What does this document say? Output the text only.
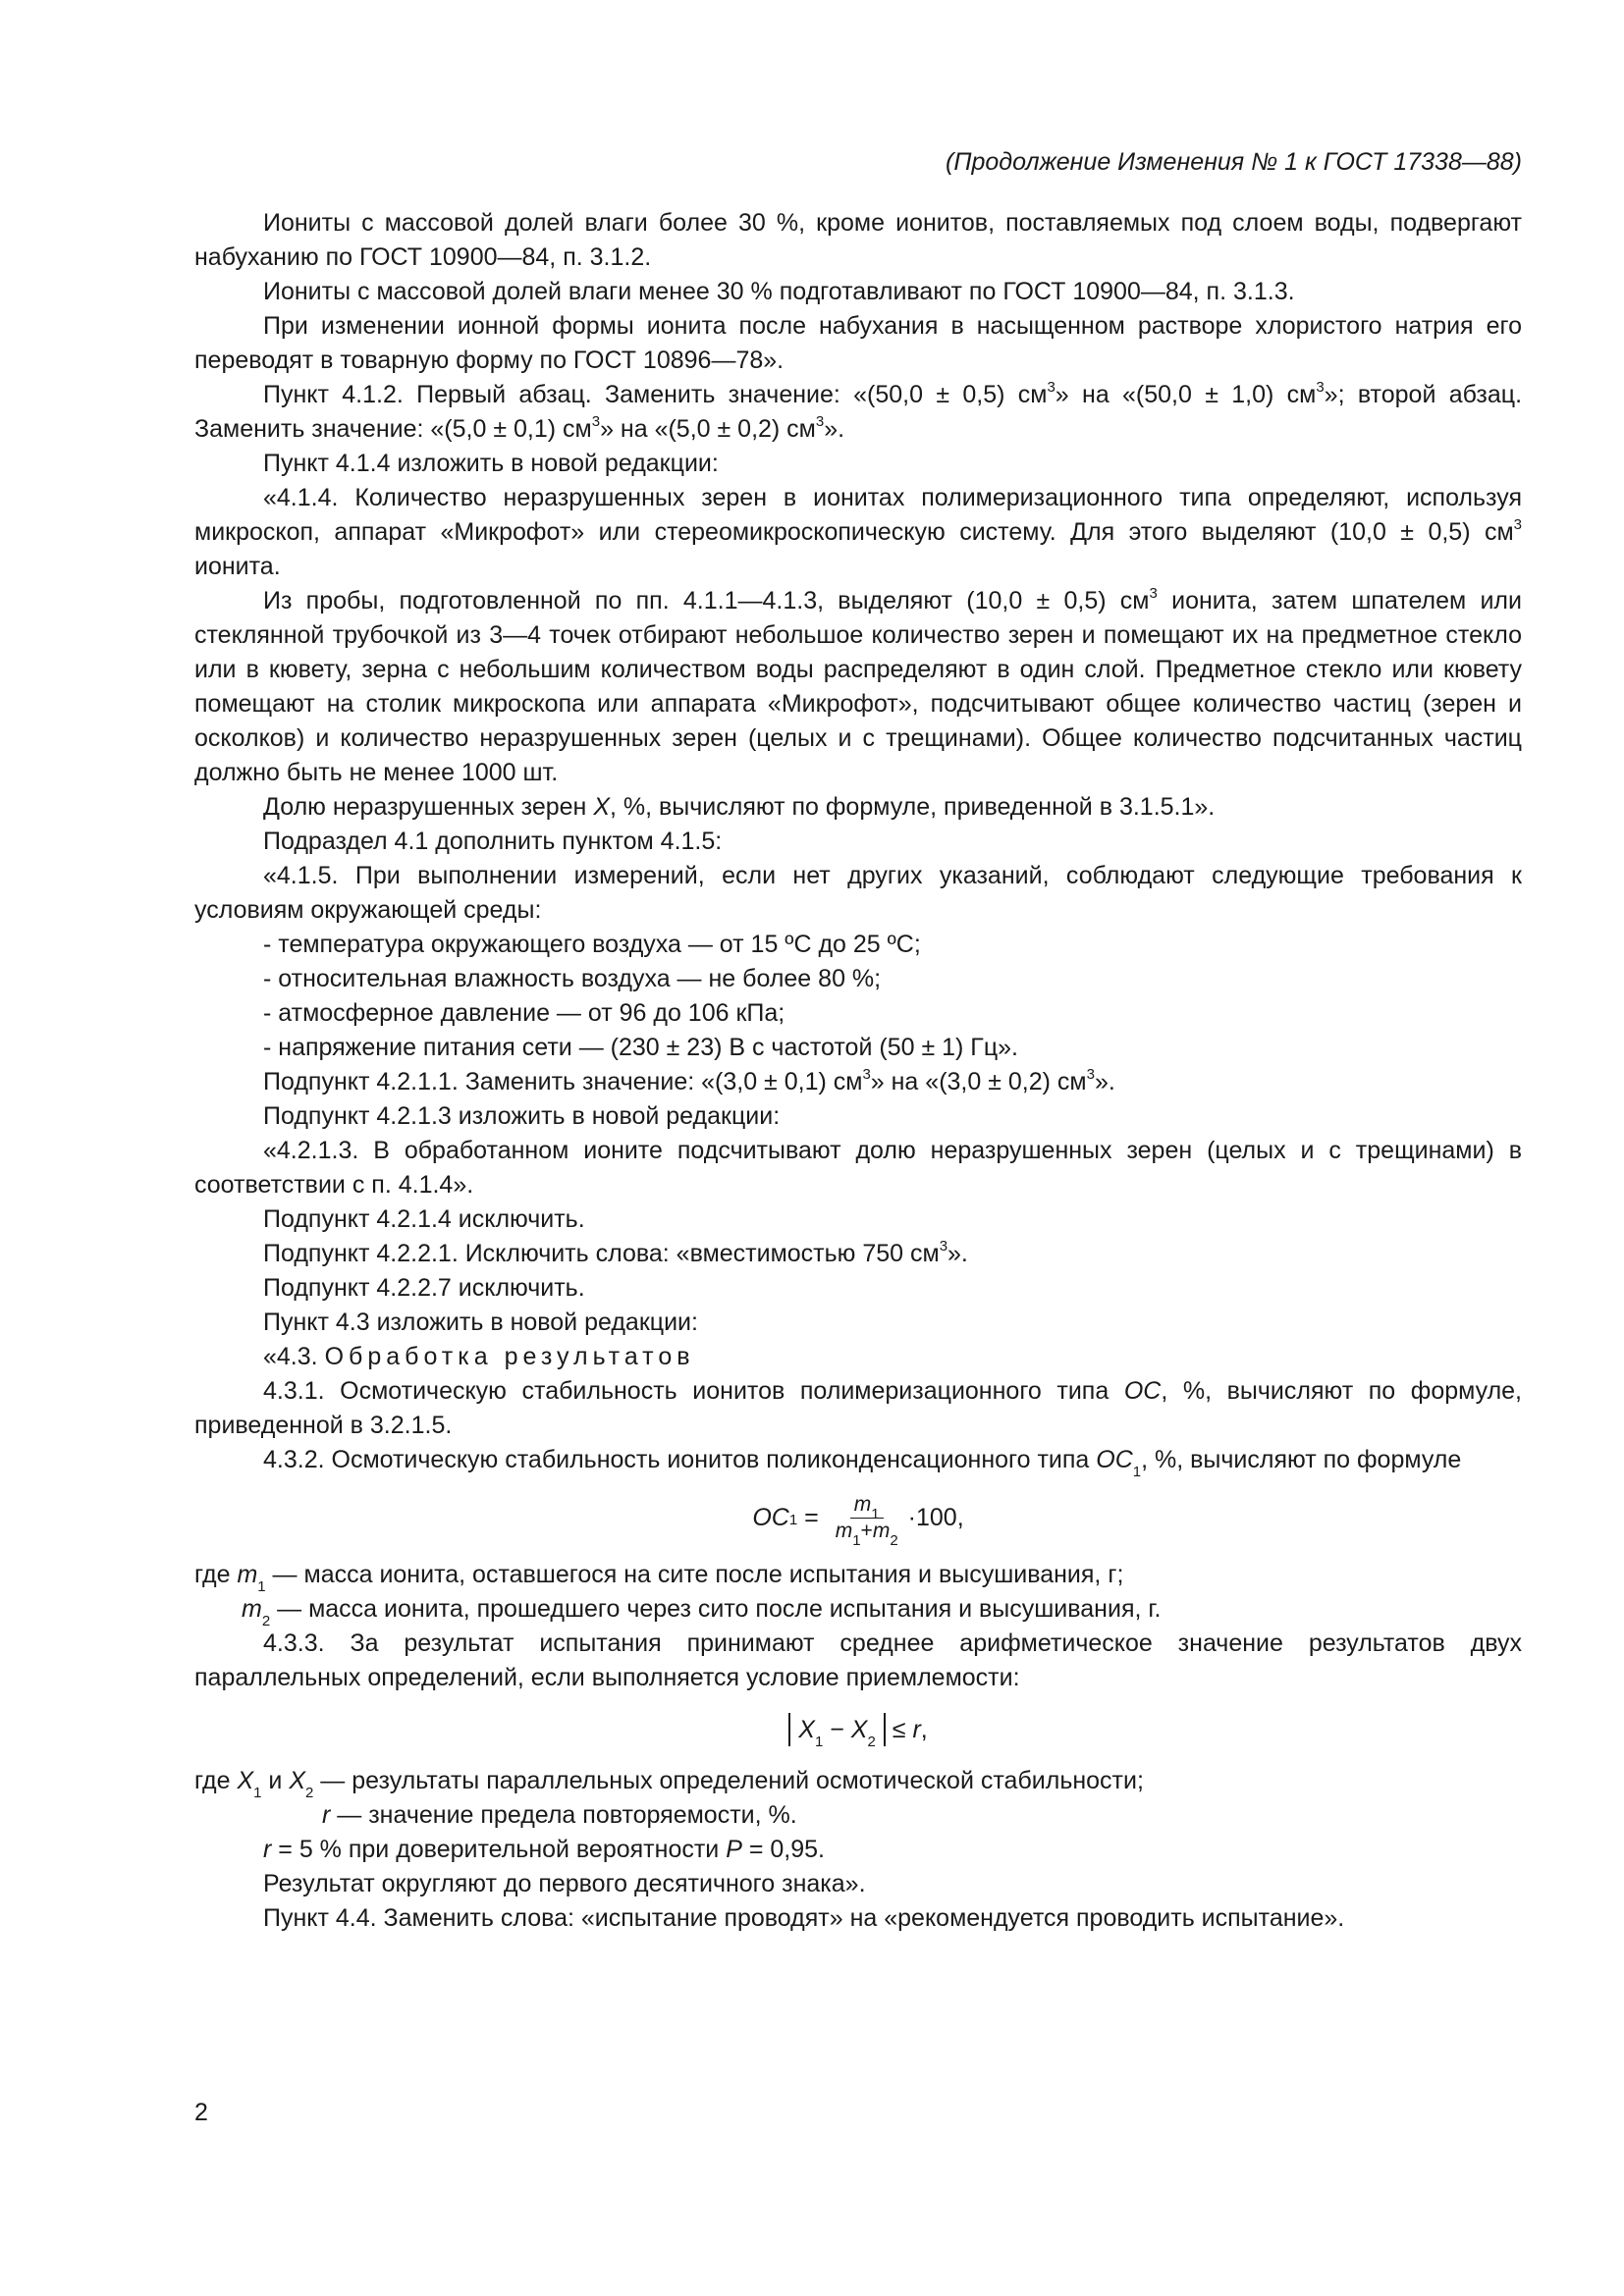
(Продолжение Изменения № 1 к ГОСТ 17338—88)

Иониты с массовой долей влаги более 30 %, кроме ионитов, поставляемых под слоем воды, подвергают набуханию по ГОСТ 10900—84, п. 3.1.2.

Иониты с массовой долей влаги менее 30 % подготавливают по ГОСТ 10900—84, п. 3.1.3.

При изменении ионной формы ионита после набухания в насыщенном растворе хлористого натрия его переводят в товарную форму по ГОСТ 10896—78».

Пункт 4.1.2. Первый абзац. Заменить значение: «(50,0 ± 0,5) $см^3$» на «(50,0 ± 1,0) $см^3$»; второй абзац. Заменить значение: «(5,0 ± 0,1) $см^3$» на «(5,0 ± 0,2) $см^3$».

Пункт 4.1.4 изложить в новой редакции:

«4.1.4. Количество неразрушенных зерен в ионитах полимеризационного типа определяют, используя микроскоп, аппарат «Микрофот» или стереомикроскопическую систему. Для этого выделяют (10,0 ± 0,5) $см^3$ ионита.

Из пробы, подготовленной по пп. 4.1.1—4.1.3, выделяют (10,0 ± 0,5) $см^3$ ионита, затем шпателем или стеклянной трубочкой из 3—4 точек отбирают небольшое количество зерен и помещают их на предметное стекло или в кювету, зерна с небольшим количеством воды распределяют в один слой. Предметное стекло или кювету помещают на столик микроскопа или аппарата «Микрофот», подсчитывают общее количество частиц (зерен и осколков) и количество неразрушенных зерен (целых и с трещинами). Общее количество подсчитанных частиц должно быть не менее 1000 шт.

Долю неразрушенных зерен X, %, вычисляют по формуле, приведенной в 3.1.5.1».

Подраздел 4.1 дополнить пунктом 4.1.5:

«4.1.5. При выполнении измерений, если нет других указаний, соблюдают следующие требования к условиям окружающей среды:

- температура окружающего воздуха — от 15 ºС до 25 ºС;

- относительная влажность воздуха — не более 80 %;

- атмосферное давление — от 96 до 106 кПа;

- напряжение питания сети — (230 ± 23) В с частотой (50 ± 1) Гц».

Подпункт 4.2.1.1. Заменить значение: «(3,0 ± 0,1) $см^3$» на «(3,0 ± 0,2) $см^3$».

Подпункт 4.2.1.3 изложить в новой редакции:

«4.2.1.3. В обработанном ионите подсчитывают долю неразрушенных зерен (целых и с трещинами) в соответствии с п. 4.1.4».

Подпункт 4.2.1.4 исключить.

Подпункт 4.2.2.1. Исключить слова: «вместимостью 750 $см^3$».

Подпункт 4.2.2.7 исключить.

Пункт 4.3 изложить в новой редакции:

«4.3. Обработка результатов

4.3.1. Осмотическую стабильность ионитов полимеризационного типа ОС, %, вычисляют по формуле, приведенной в 3.2.1.5.

4.3.2. Осмотическую стабильность ионитов поликонденсационного типа $ОС_1$, %, вычисляют по формуле

$ОС_1 = \frac{m_1}{m_1+m_2} \cdot 100$,

где $m_1$ — масса ионита, оставшегося на сите после испытания и высушивания, г;

$m_2$ — масса ионита, прошедшего через сито после испытания и высушивания, г.

4.3.3. За результат испытания принимают среднее арифметическое значение результатов двух параллельных определений, если выполняется условие приемлемости:

$X_1 - X_2 \le r$ ,

где $X_1$ и $X_2$ — результаты параллельных определений осмотической стабильности;

r — значение предела повторяемости, %.

r = 5 % при доверительной вероятности P = 0,95.

Результат округляют до первого десятичного знака».

Пункт 4.4. Заменить слова: «испытание проводят» на «рекомендуется проводить испытание».

2
